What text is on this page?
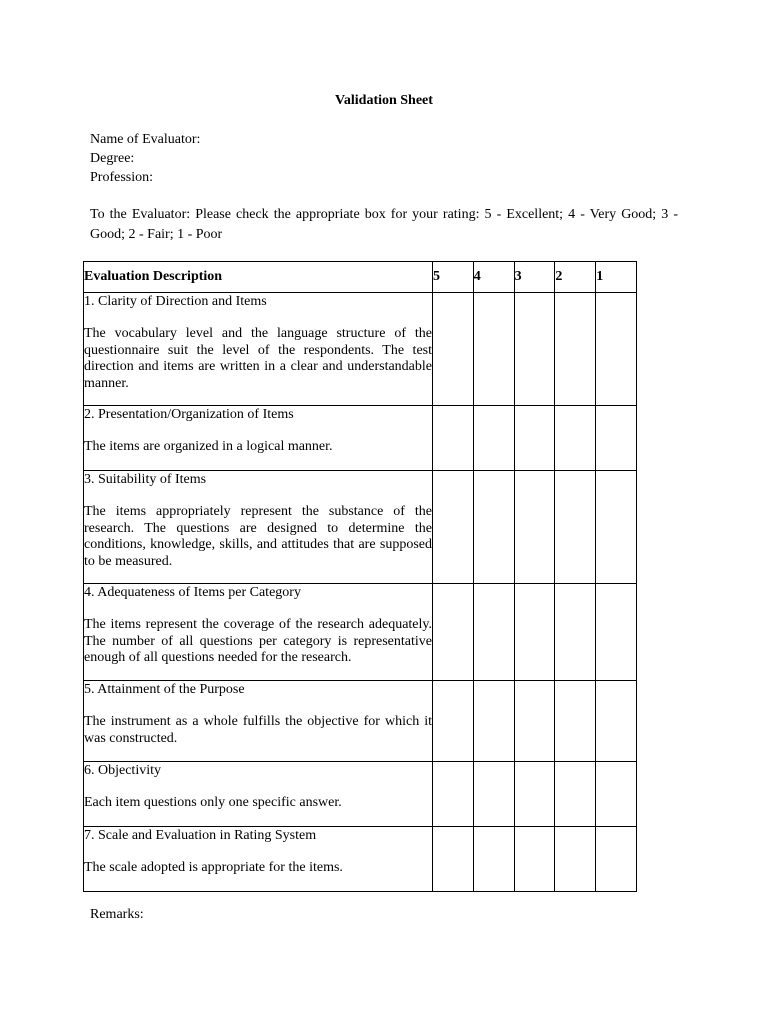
Validation Sheet
Name of Evaluator:
Degree:
Profession:
To the Evaluator: Please check the appropriate box for your rating: 5 - Excellent; 4 - Very Good; 3 - Good; 2 - Fair; 1 - Poor
Evaluation Description	5	4	3	2	1

1. Clarity of Direction and Items
The vocabulary level and the language structure of the questionnaire suit the level of the respondents. The test direction and items are written in a clear and understandable manner.					

2. Presentation/Organization of Items
The items are organized in a logical manner.					

3. Suitability of Items
The items appropriately represent the substance of the research. The questions are designed to determine the conditions, knowledge, skills, and attitudes that are supposed to be measured.					

4. Adequateness of Items per Category
The items represent the coverage of the research adequately. The number of all questions per category is representative enough of all questions needed for the research.					

5. Attainment of the Purpose
The instrument as a whole fulfills the objective for which it was constructed.					

6. Objectivity
Each item questions only one specific answer.					

7. Scale and Evaluation in Rating System
The scale adopted is appropriate for the items.					

Remarks:
